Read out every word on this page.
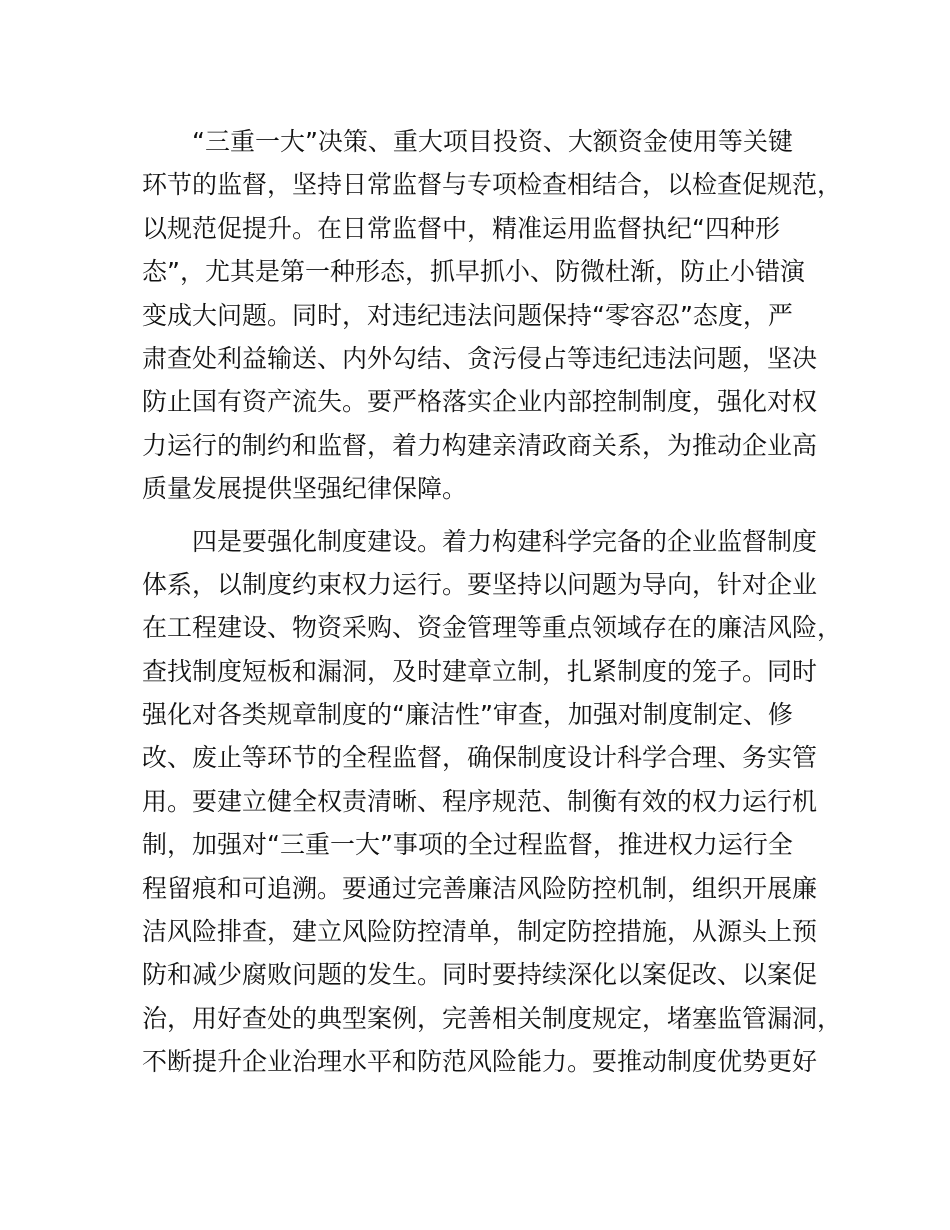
“三重一大”决策、重大项目投资、大额资金使用等关键
环节的监督，坚持日常监督与专项检查相结合，以检查促规范，
以规范促提升。在日常监督中，精准运用监督执纪“四种形
态”，尤其是第一种形态，抓早抓小、防微杜渐，防止小错演
变成大问题。同时，对违纪违法问题保持“零容忍”态度，严
肃查处利益输送、内外勾结、贪污侵占等违纪违法问题，坚决
防止国有资产流失。要严格落实企业内部控制制度，强化对权
力运行的制约和监督，着力构建亲清政商关系，为推动企业高
质量发展提供坚强纪律保障。
四是要强化制度建设。着力构建科学完备的企业监督制度
体系，以制度约束权力运行。要坚持以问题为导向，针对企业
在工程建设、物资采购、资金管理等重点领域存在的廉洁风险，
查找制度短板和漏洞，及时建章立制，扎紧制度的笼子。同时
强化对各类规章制度的“廉洁性”审查，加强对制度制定、修
改、废止等环节的全程监督，确保制度设计科学合理、务实管
用。要建立健全权责清晰、程序规范、制衡有效的权力运行机
制，加强对“三重一大”事项的全过程监督，推进权力运行全
程留痕和可追溯。要通过完善廉洁风险防控机制，组织开展廉
洁风险排查，建立风险防控清单，制定防控措施，从源头上预
防和减少腐败问题的发生。同时要持续深化以案促改、以案促
治，用好查处的典型案例，完善相关制度规定，堵塞监管漏洞，
不断提升企业治理水平和防范风险能力。要推动制度优势更好
